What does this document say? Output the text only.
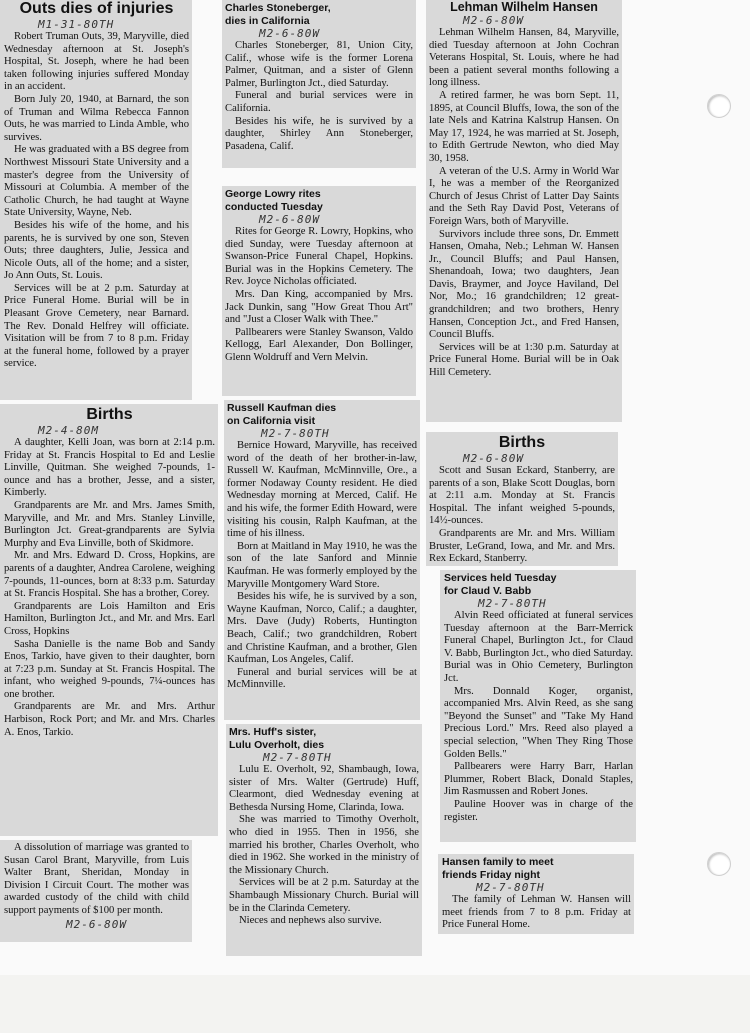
Outs dies of injuries
M1-31-80TH

Robert Truman Outs, 39, Maryville, died Wednesday afternoon at St. Joseph's Hospital, St. Joseph, where he had been taken following injuries suffered Monday in an accident.

Born July 20, 1940, at Barnard, the son of Truman and Wilma Rebecca Fannon Outs, he was married to Linda Amble, who survives.

He was graduated with a BS degree from Northwest Missouri State University and a master's degree from the University of Missouri at Columbia. A member of the Catholic Church, he had taught at Wayne State University, Wayne, Neb.

Besides his wife of the home, and his parents, he is survived by one son, Steven Outs; three daughters, Julie, Jessica and Nicole Outs, all of the home; and a sister, Jo Ann Outs, St. Louis.

Services will be at 2 p.m. Saturday at Price Funeral Home. Burial will be in Pleasant Grove Cemetery, near Barnard. The Rev. Donald Helfrey will officiate. Visitation will be from 7 to 8 p.m. Friday at the funeral home, followed by a prayer service.

Births
M2-4-80M

A daughter, Kelli Joan, was born at 2:14 p.m. Friday at St. Francis Hospital to Ed and Leslie Linville, Quitman. She weighed 7-pounds, 1-ounce and has a brother, Jesse, and a sister, Kimberly.

Grandparents are Mr. and Mrs. James Smith, Maryville, and Mr. and Mrs. Stanley Linville, Burlington Jct. Great-grandparents are Sylvia Murphy and Eva Linville, both of Skidmore.

Mr. and Mrs. Edward D. Cross, Hopkins, are parents of a daughter, Andrea Carolene, weighing 7-pounds, 11-ounces, born at 8:33 p.m. Saturday at St. Francis Hospital. She has a brother, Corey.

Grandparents are Lois Hamilton and Eris Hamilton, Burlington Jct., and Mr. and Mrs. Earl Cross, Hopkins

Sasha Danielle is the name Bob and Sandy Enos, Tarkio, have given to their daughter, born at 7:23 p.m. Sunday at St. Francis Hospital. The infant, who weighed 9-pounds, 7¼-ounces has one brother.

Grandparents are Mr. and Mrs. Arthur Harbison, Rock Port; and Mr. and Mrs. Charles A. Enos, Tarkio.

A dissolution of marriage was granted to Susan Carol Brant, Maryville, from Luis Walter Brant, Sheridan, Monday in Division I Circuit Court. The mother was awarded custody of the child with child support payments of $100 per month.

M2-6-80W
Charles Stoneberger,
dies in California
M2-6-80W

Charles Stoneberger, 81, Union City, Calif., whose wife is the former Lorena Palmer, Quitman, and a sister of Glenn Palmer, Burlington Jct., died Saturday.

Funeral and burial services were in California.

Besides his wife, he is survived by a daughter, Shirley Ann Stoneberger, Pasadena, Calif.

George Lowry rites
conducted Tuesday
M2-6-80W

Rites for George R. Lowry, Hopkins, who died Sunday, were Tuesday afternoon at Swanson-Price Funeral Chapel, Hopkins. Burial was in the Hopkins Cemetery. The Rev. Joyce Nicholas officiated.

Mrs. Dan King, accompanied by Mrs. Jack Dunkin, sang "How Great Thou Art" and "Just a Closer Walk with Thee."

Pallbearers were Stanley Swanson, Valdo Kellogg, Earl Alexander, Don Bollinger, Glenn Woldruff and Vern Melvin.

Russell Kaufman dies
on California visit
M2-7-80TH

Bernice Howard, Maryville, has received word of the death of her brother-in-law, Russell W. Kaufman, McMinnville, Ore., a former Nodaway County resident. He died Wednesday morning at Merced, Calif. He and his wife, the former Edith Howard, were visiting his cousin, Ralph Kaufman, at the time of his illness.

Born at Maitland in May 1910, he was the son of the late Sanford and Minnie Kaufman. He was formerly employed by the Maryville Montgomery Ward Store.

Besides his wife, he is survived by a son, Wayne Kaufman, Norco, Calif.; a daughter, Mrs. Dave (Judy) Roberts, Huntington Beach, Calif.; two grandchildren, Robert and Christine Kaufman, and a brother, Glen Kaufman, Los Angeles, Calif.

Funeral and burial services will be at McMinnville.

Mrs. Huff's sister,
Lulu Overholt, dies
M2-7-80TH

Lulu E. Overholt, 92, Shambaugh, Iowa, sister of Mrs. Walter (Gertrude) Huff, Clearmont, died Wednesday evening at Bethesda Nursing Home, Clarinda, Iowa.

She was married to Timothy Overholt, who died in 1955. Then in 1956, she married his brother, Charles Overholt, who died in 1962. She worked in the ministry of the Missionary Church.

Services will be at 2 p.m. Saturday at the Shambaugh Missionary Church. Burial will be in the Clarinda Cemetery.

Nieces and nephews also survive.

Lehman Wilhelm Hansen
M2-6-80W

Lehman Wilhelm Hansen, 84, Maryville, died Tuesday afternoon at John Cochran Veterans Hospital, St. Louis, where he had been a patient several months following a long illness.

A retired farmer, he was born Sept. 11, 1895, at Council Bluffs, Iowa, the son of the late Nels and Katrina Kalstrup Hansen. On May 17, 1924, he was married at St. Joseph, to Edith Gertrude Newton, who died May 30, 1958.

A veteran of the U.S. Army in World War I, he was a member of the Reorganized Church of Jesus Christ of Latter Day Saints and the Seth Ray David Post, Veterans of Foreign Wars, both of Maryville.

Survivors include three sons, Dr. Emmett Hansen, Omaha, Neb.; Lehman W. Hansen Jr., Council Bluffs; and Paul Hansen, Shenandoah, Iowa; two daughters, Jean Davis, Braymer, and Joyce Haviland, Del Nor, Mo.; 16 grandchildren; 12 great-grandchildren; and two brothers, Henry Hansen, Conception Jct., and Fred Hansen, Council Bluffs.

Services will be at 1:30 p.m. Saturday at Price Funeral Home. Burial will be in Oak Hill Cemetery.

Births
M2-6-80W

Scott and Susan Eckard, Stanberry, are parents of a son, Blake Scott Douglas, born at 2:11 a.m. Monday at St. Francis Hospital. The infant weighed 5-pounds, 14½-ounces.

Grandparents are Mr. and Mrs. William Bruster, LeGrand, Iowa, and Mr. and Mrs. Rex Eckard, Stanberry.

Services held Tuesday
for Claud V. Babb
M2-7-80TH

Alvin Reed officiated at funeral services Tuesday afternoon at the Barr-Merrick Funeral Chapel, Burlington Jct., for Claud V. Babb, Burlington Jct., who died Saturday. Burial was in Ohio Cemetery, Burlington Jct.

Mrs. Donnald Koger, organist, accompanied Mrs. Alvin Reed, as she sang "Beyond the Sunset" and "Take My Hand Precious Lord." Mrs. Reed also played a special selection, "When They Ring Those Golden Bells."

Pallbearers were Harry Barr, Harlan Plummer, Robert Black, Donald Staples, Jim Rasmussen and Robert Jones.

Pauline Hoover was in charge of the register.

Hansen family to meet
friends Friday night
M2-7-80TH

The family of Lehman W. Hansen will meet friends from 7 to 8 p.m. Friday at Price Funeral Home.
